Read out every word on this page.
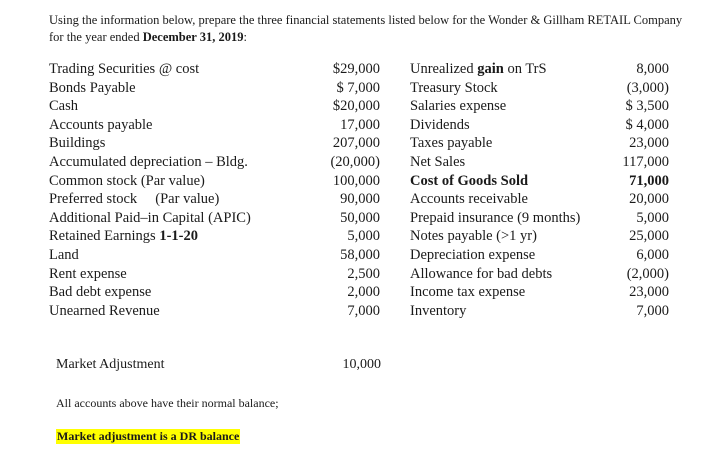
Using the information below, prepare the three financial statements listed below for the Wonder & Gillham RETAIL Company for the year ended December 31, 2019:
Trading Securities @ cost
Bonds Payable
Cash
Accounts payable
Buildings
Accumulated depreciation – Bldg.
Common stock (Par value)
Preferred stock     (Par value)
Additional Paid–in Capital (APIC)
Retained Earnings 1-1-20
Land
Rent expense
Bad debt expense
Unearned Revenue
$29,000
$ 7,000
$20,000
17,000
207,000
(20,000)
100,000
90,000
50,000
5,000
58,000
2,500
2,000
7,000
Unrealized gain on TrS
Treasury Stock
Salaries expense
Dividends
Taxes payable
Net Sales
Cost of Goods Sold
Accounts receivable
Prepaid insurance (9 months)
Notes payable (>1 yr)
Depreciation expense
Allowance for bad debts
Income tax expense
Inventory
8,000
(3,000)
$ 3,500
$ 4,000
23,000
117,000
71,000
20,000
5,000
25,000
6,000
(2,000)
23,000
7,000
Market Adjustment	10,000
All accounts above have their normal balance;
Market adjustment is a DR balance
